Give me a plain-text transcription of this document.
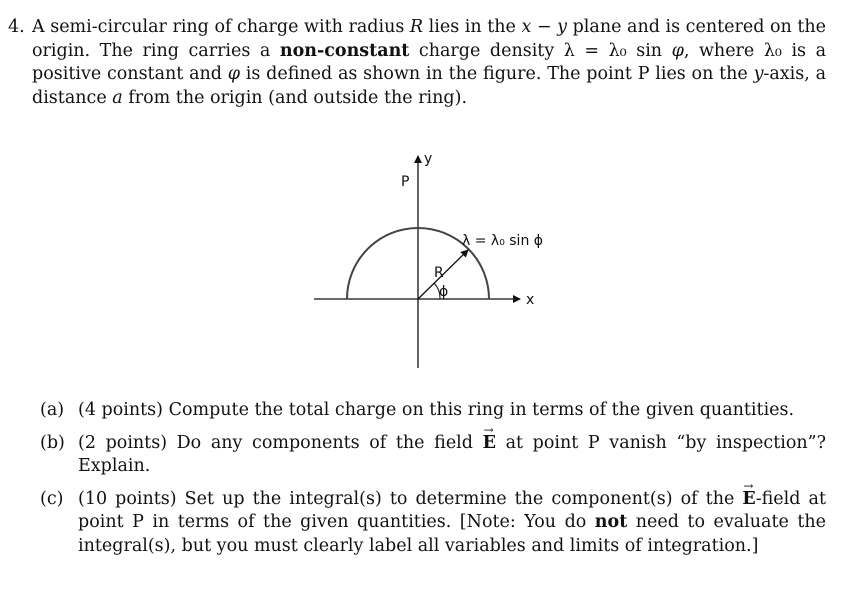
4. A semi-circular ring of charge with radius R lies in the x − y plane and is centered on the origin. The ring carries a non-constant charge density λ = λ₀ sin φ, where λ₀ is a positive constant and φ is defined as shown in the figure. The point P lies on the y-axis, a distance a from the origin (and outside the ring).
y
x
P
R
ϕ
λ = λ₀ sin ϕ
(a) (4 points) Compute the total charge on this ring in terms of the given quantities.
(b) (2 points) Do any components of the field → E at point P vanish “by inspection”? Explain.
(c) (10 points) Set up the integral(s) to determine the component(s) of the → E-field at point P in terms of the given quantities. [Note: You do not need to evaluate the integral(s), but you must clearly label all variables and limits of integration.]
